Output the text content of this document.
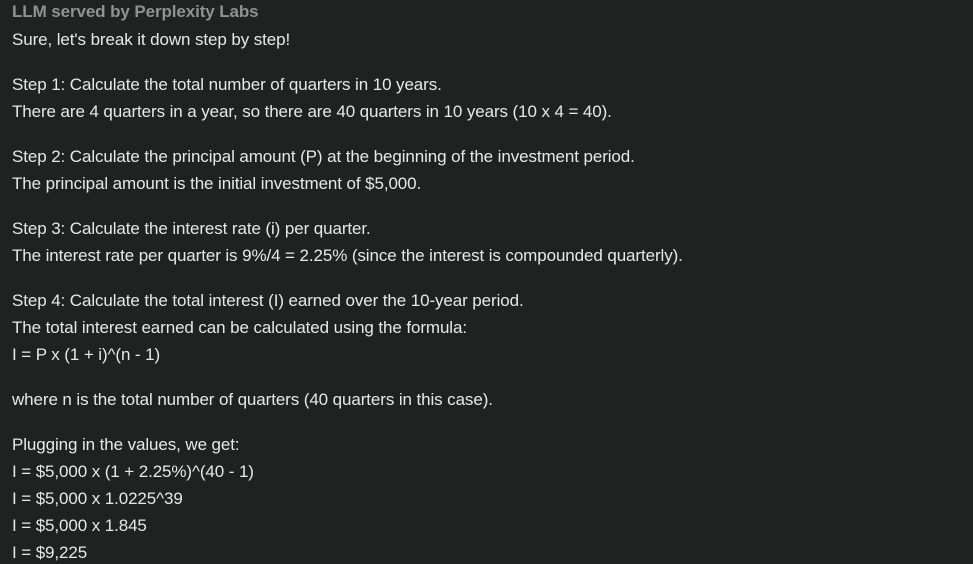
LLM served by Perplexity Labs
Sure, let's break it down step by step!
Step 1: Calculate the total number of quarters in 10 years.
There are 4 quarters in a year, so there are 40 quarters in 10 years (10 x 4 = 40).
Step 2: Calculate the principal amount (P) at the beginning of the investment period.
The principal amount is the initial investment of $5,000.
Step 3: Calculate the interest rate (i) per quarter.
The interest rate per quarter is 9%/4 = 2.25% (since the interest is compounded quarterly).
Step 4: Calculate the total interest (I) earned over the 10-year period.
The total interest earned can be calculated using the formula:
I = P x (1 + i)^(n - 1)
where n is the total number of quarters (40 quarters in this case).
Plugging in the values, we get:
I = $5,000 x (1 + 2.25%)^(40 - 1)
I = $5,000 x 1.0225^39
I = $5,000 x 1.845
I = $9,225
